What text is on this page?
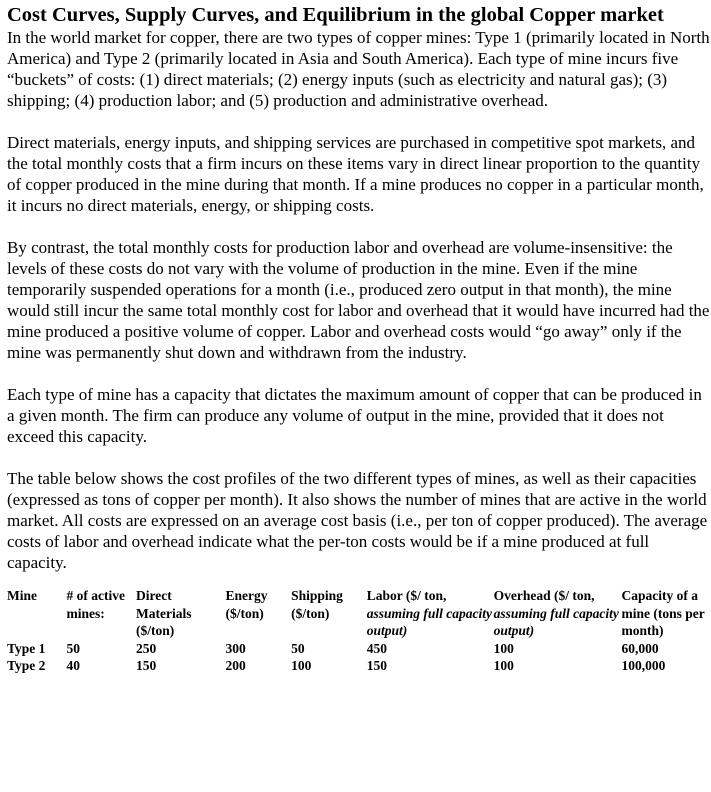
Cost Curves, Supply Curves, and Equilibrium in the global Copper market

In the world market for copper, there are two types of copper mines: Type 1 (primarily located in North America) and Type 2 (primarily located in Asia and South America). Each type of mine incurs five “buckets” of costs: (1) direct materials; (2) energy inputs (such as electricity and natural gas); (3) shipping; (4) production labor; and (5) production and administrative overhead.

Direct materials, energy inputs, and shipping services are purchased in competitive spot markets, and the total monthly costs that a firm incurs on these items vary in direct linear proportion to the quantity of copper produced in the mine during that month. If a mine produces no copper in a particular month, it incurs no direct materials, energy, or shipping costs.

By contrast, the total monthly costs for production labor and overhead are volume-insensitive: the levels of these costs do not vary with the volume of production in the mine. Even if the mine temporarily suspended operations for a month (i.e., produced zero output in that month), the mine would still incur the same total monthly cost for labor and overhead that it would have incurred had the mine produced a positive volume of copper. Labor and overhead costs would “go away” only if the mine was permanently shut down and withdrawn from the industry.

Each type of mine has a capacity that dictates the maximum amount of copper that can be produced in a given month. The firm can produce any volume of output in the mine, provided that it does not exceed this capacity.

The table below shows the cost profiles of the two different types of mines, as well as their capacities (expressed as tons of copper per month). It also shows the number of mines that are active in the world market. All costs are expressed on an average cost basis (i.e., per ton of copper produced). The average costs of labor and overhead indicate what the per-ton costs would be if a mine produced at full capacity.

Mine	# of active mines:	Direct Materials ($/ton)	Energy ($/ton)	Shipping ($/ton)	Labor ($/ ton, assuming full capacity output)	Overhead ($/ ton, assuming full capacity output)	Capacity of a mine (tons per month)
Type 1	50	250	300	50	450	100	60,000
Type 2	40	150	200	100	150	100	100,000
